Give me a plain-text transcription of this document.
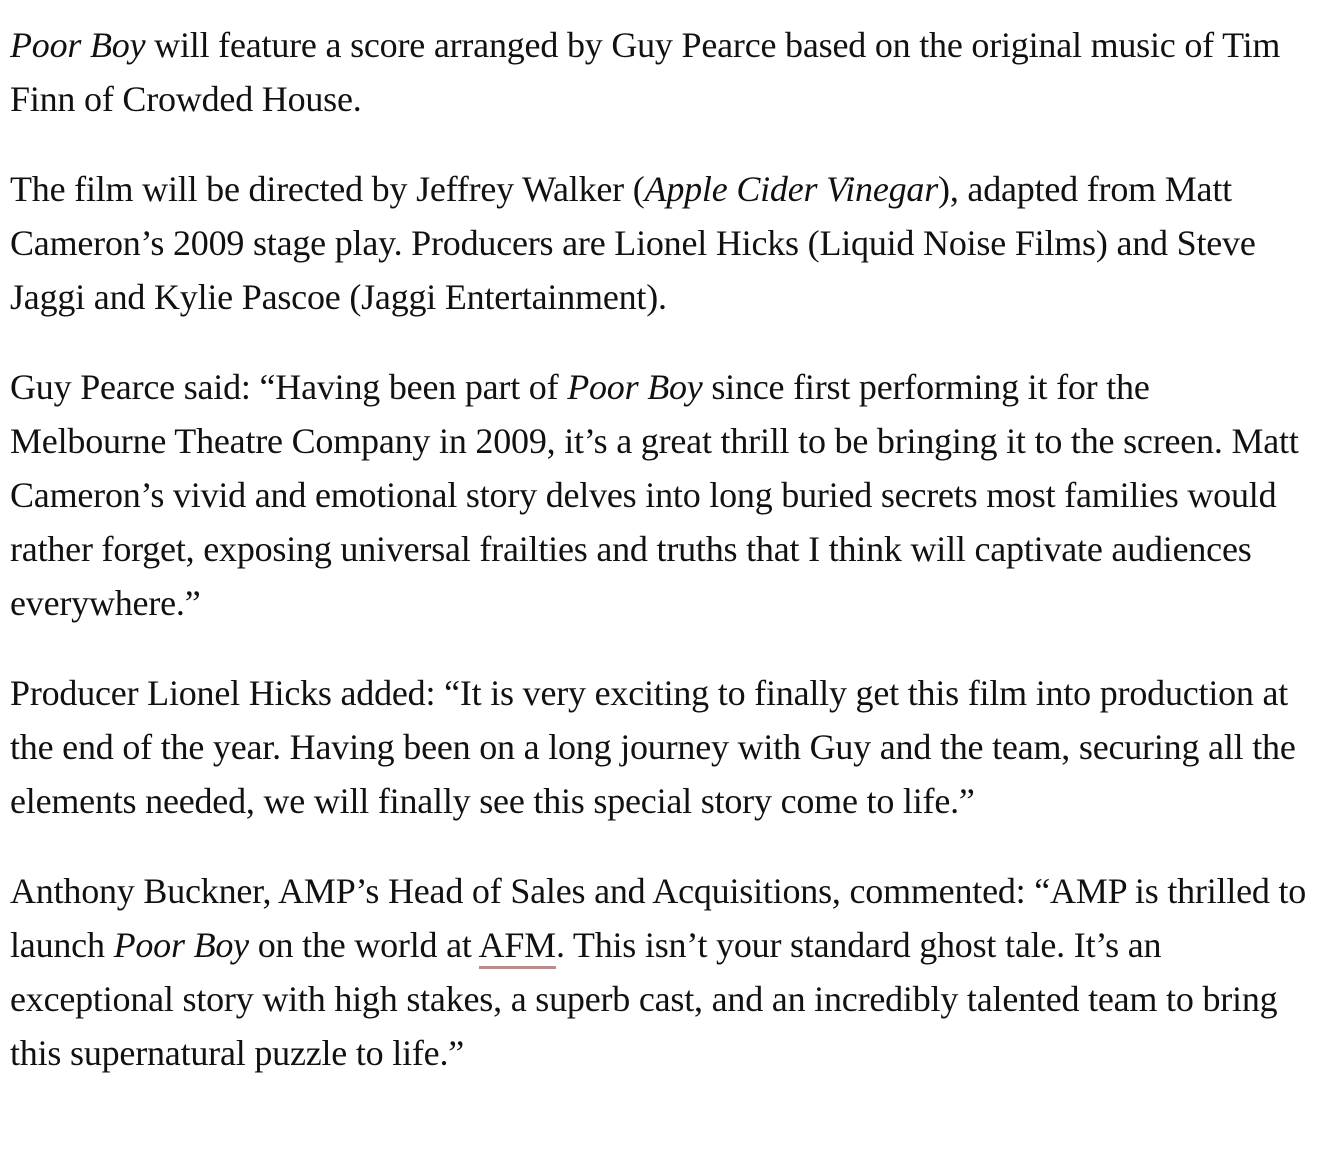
Poor Boy will feature a score arranged by Guy Pearce based on the original music of Tim Finn of Crowded House.

The film will be directed by Jeffrey Walker (Apple Cider Vinegar), adapted from Matt Cameron’s 2009 stage play. Producers are Lionel Hicks (Liquid Noise Films) and Steve Jaggi and Kylie Pascoe (Jaggi Entertainment).

Guy Pearce said: “Having been part of Poor Boy since first performing it for the Melbourne Theatre Company in 2009, it’s a great thrill to be bringing it to the screen. Matt Cameron’s vivid and emotional story delves into long buried secrets most families would rather forget, exposing universal frailties and truths that I think will captivate audiences everywhere.”

Producer Lionel Hicks added: “It is very exciting to finally get this film into production at the end of the year. Having been on a long journey with Guy and the team, securing all the elements needed, we will finally see this special story come to life.”

Anthony Buckner, AMP’s Head of Sales and Acquisitions, commented: “AMP is thrilled to launch Poor Boy on the world at AFM. This isn’t your standard ghost tale. It’s an exceptional story with high stakes, a superb cast, and an incredibly talented team to bring this supernatural puzzle to life.”
